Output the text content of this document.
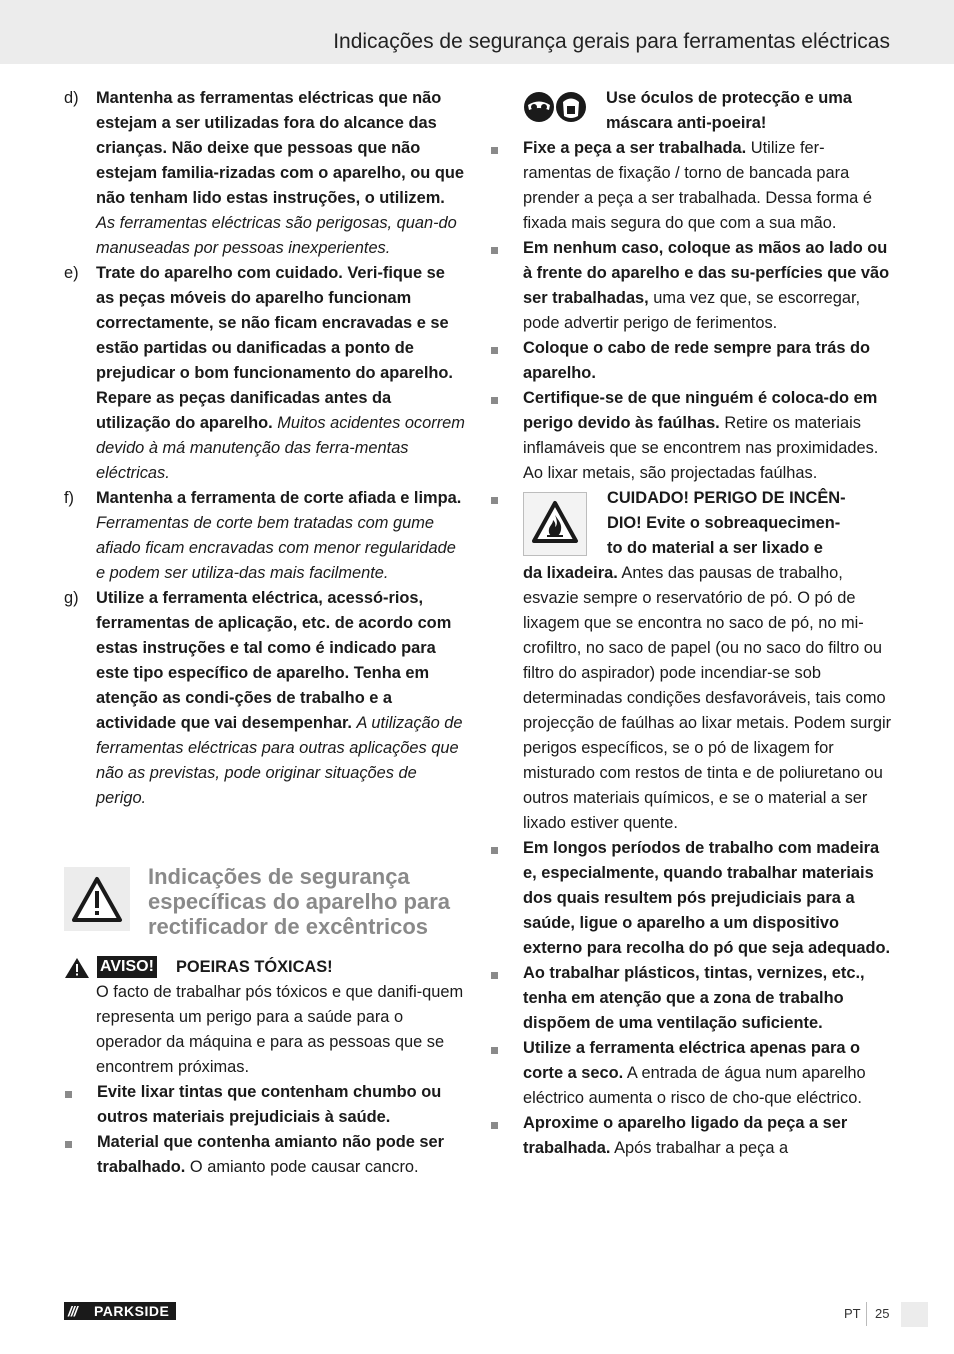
Indicações de segurança gerais para ferramentas eléctricas
d) Mantenha as ferramentas eléctricas que não estejam a ser utilizadas fora do alcance das crianças. Não deixe que pessoas que não estejam familia-rizadas com o aparelho, ou que não tenham lido estas instruções, o utilizem. As ferramentas eléctricas são perigosas, quan-do manuseadas por pessoas inexperientes.
e) Trate do aparelho com cuidado. Veri-fique se as peças móveis do aparelho funcionam correctamente, se não ficam encravadas e se estão partidas ou danificadas a ponto de prejudicar o bom funcionamento do aparelho. Repare as peças danificadas antes da utilização do aparelho. Muitos acidentes ocorrem devido à má manutenção das ferra-mentas eléctricas.
f) Mantenha a ferramenta de corte afiada e limpa. Ferramentas de corte bem tratadas com gume afiado ficam encravadas com menor regularidade e podem ser utiliza-das mais facilmente.
g) Utilize a ferramenta eléctrica, acessó-rios, ferramentas de aplicação, etc. de acordo com estas instruções e tal como é indicado para este tipo específico de aparelho. Tenha em atenção as condi-ções de trabalho e a actividade que vai desempenhar. A utilização de ferramentas eléctricas para outras aplicações que não as previstas, pode originar situações de perigo.
Indicações de segurança específicas do aparelho para rectificador de excêntricos
AVISO! POEIRAS TÓXICAS!
O facto de trabalhar pós tóxicos e que danifi-quem representa um perigo para a saúde para o operador da máquina e para as pessoas que se encontrem próximas.
Evite lixar tintas que contenham chumbo ou outros materiais prejudiciais à saúde.
Material que contenha amianto não pode ser trabalhado. O amianto pode causar cancro.
Use óculos de protecção e uma máscara anti-poeira!
Fixe a peça a ser trabalhada. Utilize fer-ramentas de fixação / torno de bancada para prender a peça a ser trabalhada. Dessa forma é fixada mais segura do que com a sua mão.
Em nenhum caso, coloque as mãos ao lado ou à frente do aparelho e das su-perfícies que vão ser trabalhadas, uma vez que, se escorregar, pode advertir perigo de ferimentos.
Coloque o cabo de rede sempre para trás do aparelho.
Certifique-se de que ninguém é coloca-do em perigo devido às faúlhas. Retire os materiais inflamáveis que se encontrem nas proximidades. Ao lixar metais, são projectadas faúlhas.
CUIDADO! PERIGO DE INCÊN-
DIO! Evite o sobreaquecimen-
to do material a ser lixado e
da lixadeira. Antes das pausas de trabalho, esvazie sempre o reservatório de pó. O pó de lixagem que se encontra no saco de pó, no mi-crofiltro, no saco de papel (ou no saco do filtro ou filtro do aspirador) pode incendiar-se sob determinadas condições desfavoráveis, tais como projecção de faúlhas ao lixar metais. Podem surgir perigos específicos, se o pó de lixagem for misturado com restos de tinta e de poliuretano ou outros materiais químicos, e se o material a ser lixado estiver quente.
Em longos períodos de trabalho com madeira e, especialmente, quando trabalhar materiais dos quais resultem pós prejudiciais para a saúde, ligue o aparelho a um dispositivo externo para recolha do pó que seja adequado.
Ao trabalhar plásticos, tintas, vernizes, etc., tenha em atenção que a zona de trabalho dispõem de uma ventilação suficiente.
Utilize a ferramenta eléctrica apenas para o corte a seco. A entrada de água num aparelho eléctrico aumenta o risco de cho-que eléctrico.
Aproxime o aparelho ligado da peça a ser trabalhada. Após trabalhar a peça a
/// PARKSIDE	PT 25
